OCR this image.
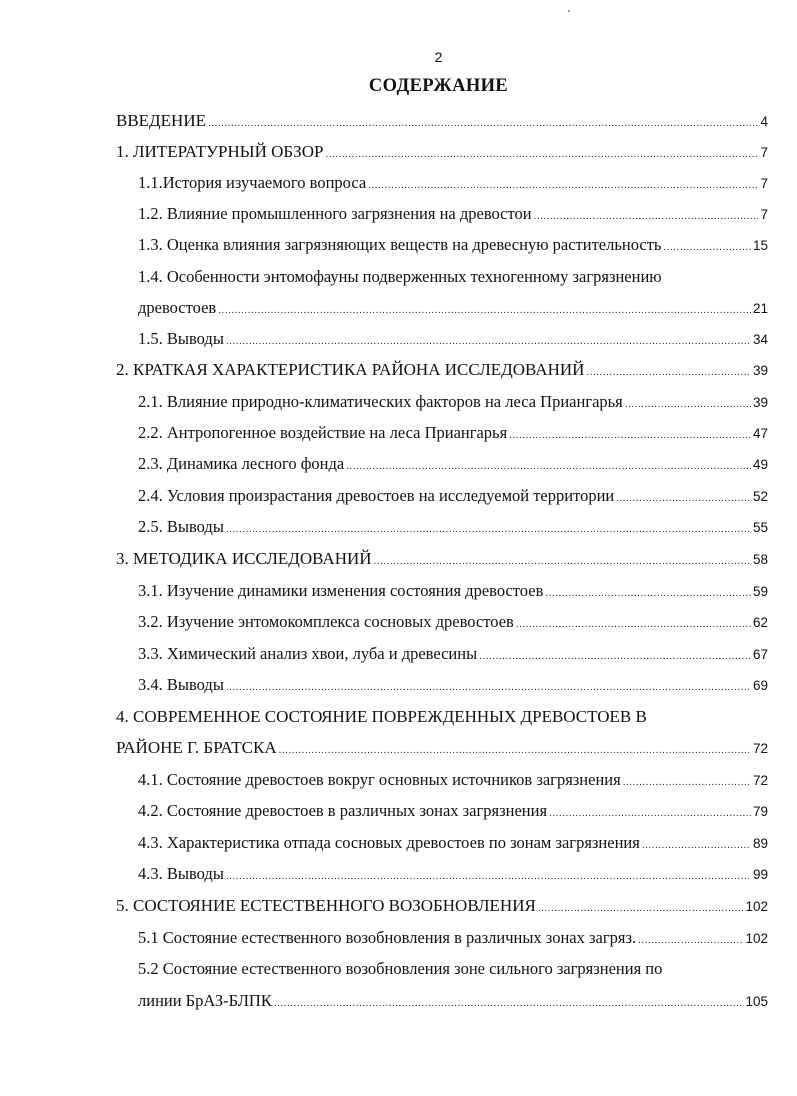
2
СОДЕРЖАНИЕ
ВВЕДЕНИЕ .....	4
1. ЛИТЕРАТУРНЫЙ ОБЗОР .....	7
1.1.История изучаемого вопроса .....	7
1.2. Влияние промышленного загрязнения на древостои .....	7
1.3. Оценка влияния загрязняющих веществ на древесную растительность .....	15
1.4. Особенности энтомофауны подверженных техногенному загрязнению
древостоев .....	21
1.5. Выводы .....	34
2. КРАТКАЯ ХАРАКТЕРИСТИКА РАЙОНА ИССЛЕДОВАНИЙ .....	39
2.1. Влияние природно-климатических факторов на леса Приангарья .....	39
2.2. Антропогенное воздействие на леса Приангарья .....	47
2.3. Динамика лесного фонда .....	49
2.4. Условия произрастания древостоев на исследуемой территории .....	52
2.5. Выводы .....	55
3. МЕТОДИКА ИССЛЕДОВАНИЙ .....	58
3.1. Изучение динамики изменения состояния древостоев .....	59
3.2. Изучение энтомокомплекса сосновых древостоев .....	62
3.3. Химический анализ хвои, луба и древесины .....	67
3.4. Выводы .....	69
4. СОВРЕМЕННОЕ СОСТОЯНИЕ ПОВРЕЖДЕННЫХ ДРЕВОСТОЕВ В
РАЙОНЕ Г. БРАТСКА .....	72
4.1. Состояние древостоев вокруг основных источников загрязнения .....	72
4.2. Состояние древостоев в различных зонах загрязнения .....	79
4.3. Характеристика отпада сосновых древостоев по зонам загрязнения .....	89
4.3. Выводы .....	99
5. СОСТОЯНИЕ ЕСТЕСТВЕННОГО ВОЗОБНОВЛЕНИЯ .....	102
5.1 Состояние естественного возобновления в различных зонах загряз. .....	102
5.2 Состояние естественного возобновления зоне сильного загрязнения по
линии БрАЗ-БЛПК .....	105
